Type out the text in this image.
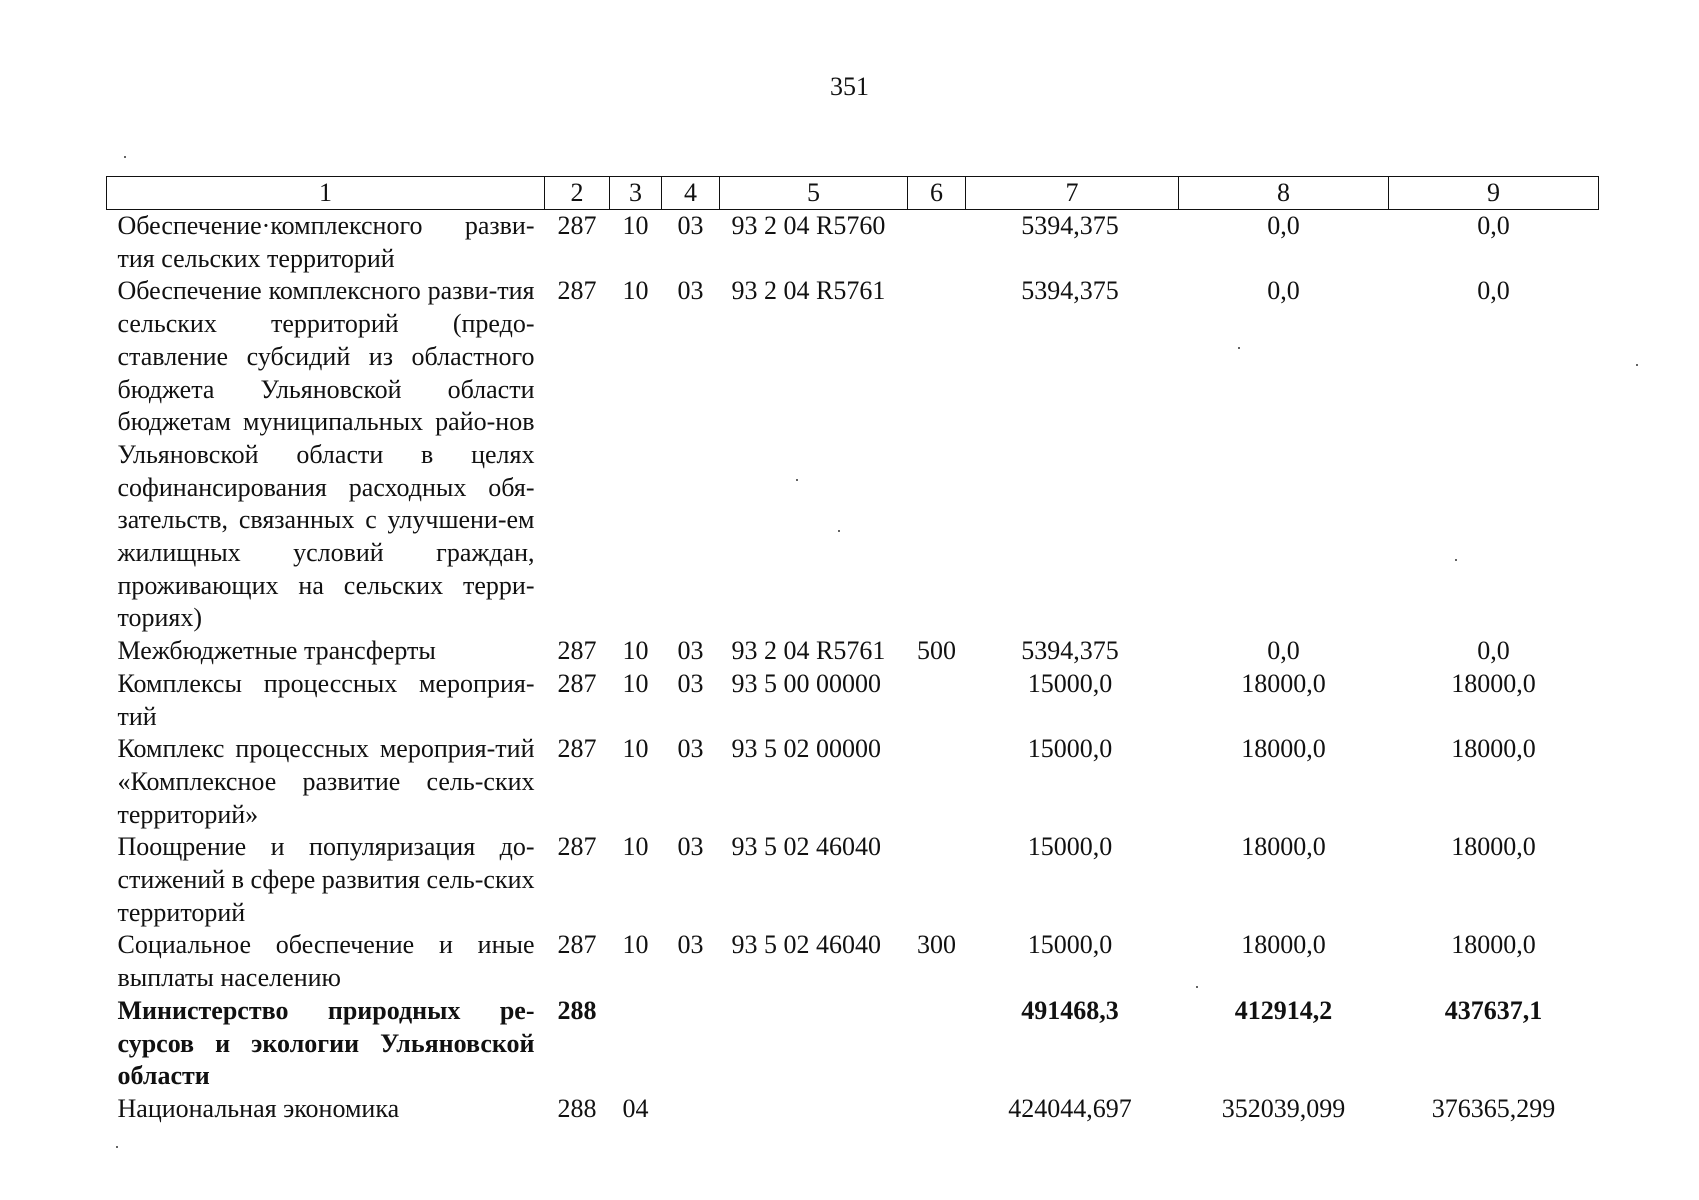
351
1	2	3	4	5	6	7	8	9
Обеспечение·комплексного разви-тия сельских территорий	287	10	03	93 2 04 R5760		5394,375	0,0	0,0
Обеспечение комплексного разви-тия сельских территорий (предо-ставление субсидий из областного бюджета Ульяновской области бюджетам муниципальных райо-нов Ульяновской области в целях софинансирования расходных обя-зательств, связанных с улучшени-ем жилищных условий граждан, проживающих на сельских терри-ториях)	287	10	03	93 2 04 R5761		5394,375	0,0	0,0
Межбюджетные трансферты	287	10	03	93 2 04 R5761	500	5394,375	0,0	0,0
Комплексы процессных мероприя-тий	287	10	03	93 5 00 00000		15000,0	18000,0	18000,0
Комплекс процессных мероприя-тий «Комплексное развитие сель-ских территорий»	287	10	03	93 5 02 00000		15000,0	18000,0	18000,0
Поощрение и популяризация до-стижений в сфере развития сель-ских территорий	287	10	03	93 5 02 46040		15000,0	18000,0	18000,0
Социальное обеспечение и иные выплаты населению	287	10	03	93 5 02 46040	300	15000,0	18000,0	18000,0
Министерство природных ре-сурсов и экологии Ульяновской области	288					491468,3	412914,2	437637,1
Национальная экономика	288	04				424044,697	352039,099	376365,299
